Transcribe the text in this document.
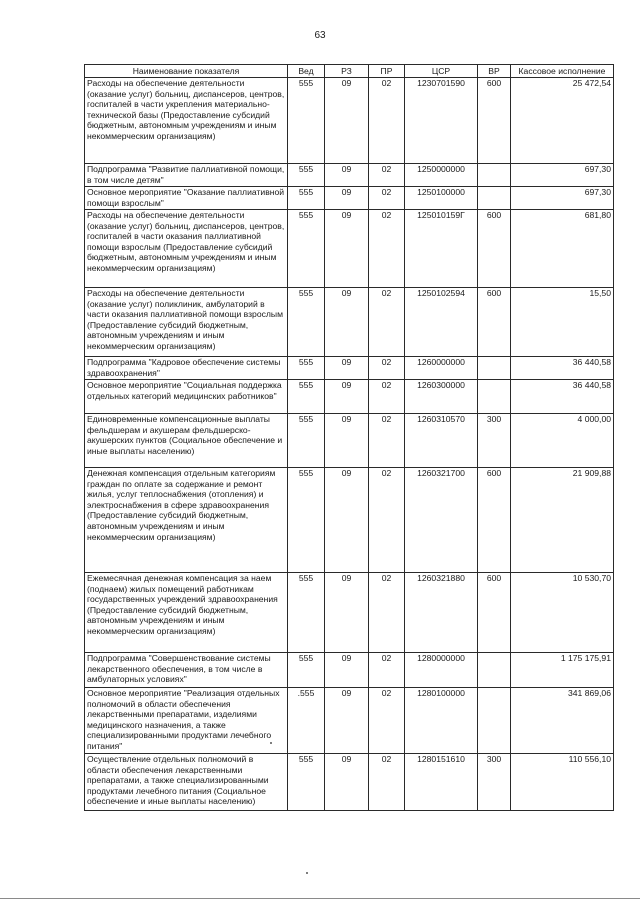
63
Наименование показателя	Вед	РЗ	ПР	ЦСР	ВР	Кассовое исполнение
Расходы на обеспечение деятельности (оказание услуг) больниц, диспансеров, центров, госпиталей в части укрепления материально-технической базы (Предоставление субсидий бюджетным, автономным учреждениям и иным некоммерческим организациям)	555	09	02	1230701590	600	25 472,54
Подпрограмма "Развитие паллиативной помощи, в том числе детям"	555	09	02	1250000000		697,30
Основное мероприятие "Оказание паллиативной помощи взрослым"	555	09	02	1250100000		697,30
Расходы на обеспечение деятельности (оказание услуг) больниц, диспансеров, центров, госпиталей в части оказания паллиативной помощи взрослым (Предоставление субсидий бюджетным, автономным учреждениям и иным некоммерческим организациям)	555	09	02	125010159Г	600	681,80
Расходы на обеспечение деятельности (оказание услуг) поликлиник, амбулаторий в части оказания паллиативной помощи взрослым (Предоставление субсидий бюджетным, автономным учреждениям и иным некоммерческим организациям)	555	09	02	1250102594	600	15,50
Подпрограмма "Кадровое обеспечение системы здравоохранения"	555	09	02	1260000000		36 440,58
Основное мероприятие "Социальная поддержка отдельных категорий медицинских работников"	555	09	02	1260300000		36 440,58
Единовременные компенсационные выплаты фельдшерам и акушерам фельдшерско-акушерских пунктов (Социальное обеспечение и иные выплаты населению)	555	09	02	1260310570	300	4 000,00
Денежная компенсация отдельным категориям граждан по оплате за содержание и ремонт жилья, услуг теплоснабжения (отопления) и электроснабжения в сфере здравоохранения (Предоставление субсидий бюджетным, автономным учреждениям и иным некоммерческим организациям)	555	09	02	1260321700	600	21 909,88
Ежемесячная денежная компенсация за наем (поднаем) жилых помещений работникам государственных учреждений здравоохранения (Предоставление субсидий бюджетным, автономным учреждениям и иным некоммерческим организациям)	555	09	02	1260321880	600	10 530,70
Подпрограмма "Совершенствование системы лекарственного обеспечения, в том числе в амбулаторных условиях"	555	09	02	1280000000		1 175 175,91
Основное мероприятие "Реализация отдельных полномочий в области обеспечения лекарственными препаратами, изделиями медицинского назначения, а также специализированными продуктами лечебного питания"	.555	09	02	1280100000		341 869,06
Осуществление отдельных полномочий в области обеспечения лекарственными препаратами, а также специализированными продуктами лечебного питания (Социальное обеспечение и иные выплаты населению)	555	09	02	1280151610	300	110 556,10
